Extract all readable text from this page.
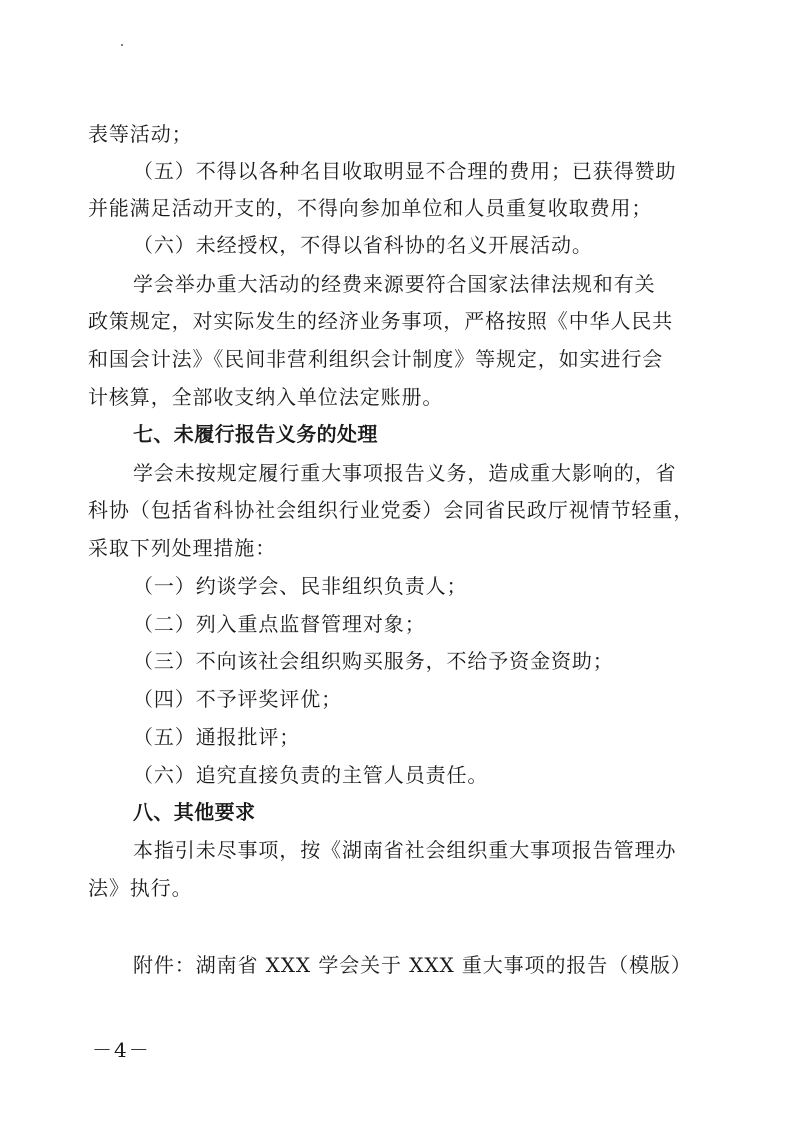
表等活动；
（五）不得以各种名目收取明显不合理的费用；已获得赞助
并能满足活动开支的，不得向参加单位和人员重复收取费用；
（六）未经授权，不得以省科协的名义开展活动。
学会举办重大活动的经费来源要符合国家法律法规和有关
政策规定，对实际发生的经济业务事项，严格按照《中华人民共
和国会计法》《民间非营利组织会计制度》等规定，如实进行会
计核算，全部收支纳入单位法定账册。
七、未履行报告义务的处理
学会未按规定履行重大事项报告义务，造成重大影响的，省
科协（包括省科协社会组织行业党委）会同省民政厅视情节轻重，
采取下列处理措施：
（一）约谈学会、民非组织负责人；
（二）列入重点监督管理对象；
（三）不向该社会组织购买服务，不给予资金资助；
（四）不予评奖评优；
（五）通报批评；
（六）追究直接负责的主管人员责任。
八、其他要求
本指引未尽事项，按《湖南省社会组织重大事项报告管理办
法》执行。
附件：湖南省 XXX 学会关于 XXX 重大事项的报告（模版）
－4－
